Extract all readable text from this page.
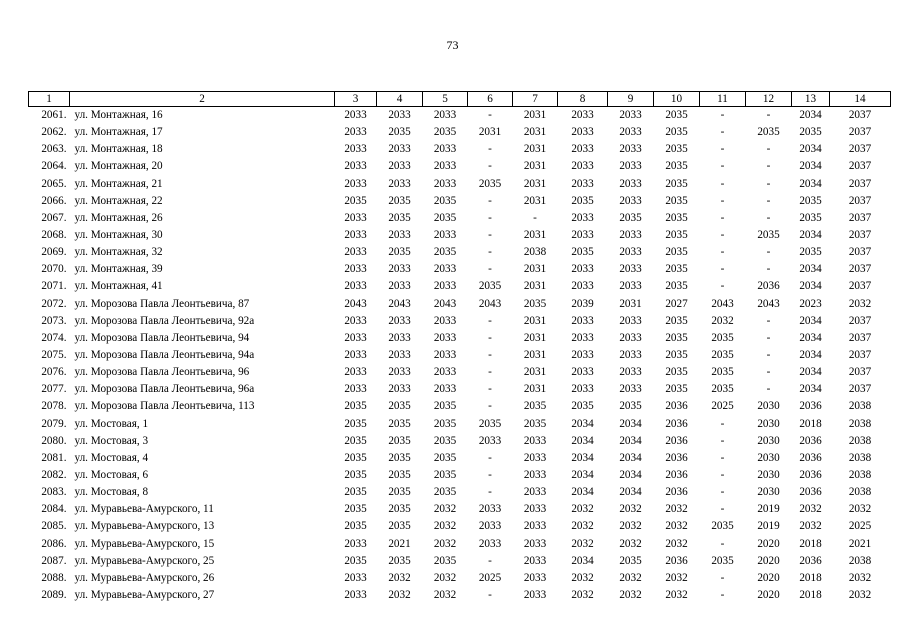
73
1	2	3	4	5	6	7	8	9	10	11	12	13	14
2061.	ул. Монтажная, 16	2033	2033	2033	-	2031	2033	2033	2035	-	-	2034	2037
2062.	ул. Монтажная, 17	2033	2035	2035	2031	2031	2033	2033	2035	-	2035	2035	2037
2063.	ул. Монтажная, 18	2033	2033	2033	-	2031	2033	2033	2035	-	-	2034	2037
2064.	ул. Монтажная, 20	2033	2033	2033	-	2031	2033	2033	2035	-	-	2034	2037
2065.	ул. Монтажная, 21	2033	2033	2033	2035	2031	2033	2033	2035	-	-	2034	2037
2066.	ул. Монтажная, 22	2035	2035	2035	-	2031	2035	2033	2035	-	-	2035	2037
2067.	ул. Монтажная, 26	2033	2035	2035	-	-	2033	2035	2035	-	-	2035	2037
2068.	ул. Монтажная, 30	2033	2033	2033	-	2031	2033	2033	2035	-	2035	2034	2037
2069.	ул. Монтажная, 32	2033	2035	2035	-	2038	2035	2033	2035	-	-	2035	2037
2070.	ул. Монтажная, 39	2033	2033	2033	-	2031	2033	2033	2035	-	-	2034	2037
2071.	ул. Монтажная, 41	2033	2033	2033	2035	2031	2033	2033	2035	-	2036	2034	2037
2072.	ул. Морозова Павла Леонтьевича, 87	2043	2043	2043	2043	2035	2039	2031	2027	2043	2043	2023	2032
2073.	ул. Морозова Павла Леонтьевича, 92а	2033	2033	2033	-	2031	2033	2033	2035	2032	-	2034	2037
2074.	ул. Морозова Павла Леонтьевича, 94	2033	2033	2033	-	2031	2033	2033	2035	2035	-	2034	2037
2075.	ул. Морозова Павла Леонтьевича, 94а	2033	2033	2033	-	2031	2033	2033	2035	2035	-	2034	2037
2076.	ул. Морозова Павла Леонтьевича, 96	2033	2033	2033	-	2031	2033	2033	2035	2035	-	2034	2037
2077.	ул. Морозова Павла Леонтьевича, 96а	2033	2033	2033	-	2031	2033	2033	2035	2035	-	2034	2037
2078.	ул. Морозова Павла Леонтьевича, 113	2035	2035	2035	-	2035	2035	2035	2036	2025	2030	2036	2038
2079.	ул. Мостовая, 1	2035	2035	2035	2035	2035	2034	2034	2036	-	2030	2018	2038
2080.	ул. Мостовая, 3	2035	2035	2035	2033	2033	2034	2034	2036	-	2030	2036	2038
2081.	ул. Мостовая, 4	2035	2035	2035	-	2033	2034	2034	2036	-	2030	2036	2038
2082.	ул. Мостовая, 6	2035	2035	2035	-	2033	2034	2034	2036	-	2030	2036	2038
2083.	ул. Мостовая, 8	2035	2035	2035	-	2033	2034	2034	2036	-	2030	2036	2038
2084.	ул. Муравьева-Амурского, 11	2035	2035	2032	2033	2033	2032	2032	2032	-	2019	2032	2032
2085.	ул. Муравьева-Амурского, 13	2035	2035	2032	2033	2033	2032	2032	2032	2035	2019	2032	2025
2086.	ул. Муравьева-Амурского, 15	2033	2021	2032	2033	2033	2032	2032	2032	-	2020	2018	2021
2087.	ул. Муравьева-Амурского, 25	2035	2035	2035	-	2033	2034	2035	2036	2035	2020	2036	2038
2088.	ул. Муравьева-Амурского, 26	2033	2032	2032	2025	2033	2032	2032	2032	-	2020	2018	2032
2089.	ул. Муравьева-Амурского, 27	2033	2032	2032	-	2033	2032	2032	2032	-	2020	2018	2032
